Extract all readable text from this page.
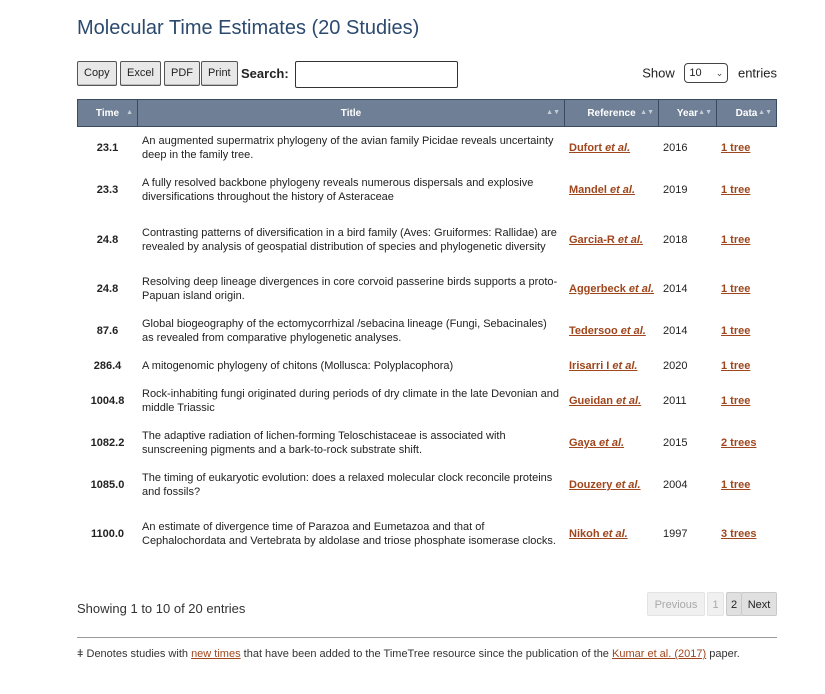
Molecular Time Estimates (20 Studies)
Copy	Excel	PDF	Print Search:	Show 10 ⌄ entries
Time ▲	Title ▲▼	Reference ▲▼	Year ▲▼	Data ▲▼

23.1	An augmented supermatrix phylogeny of the avian family Picidae reveals uncertainty deep in the family tree.	Dufort et al.	2016	1 tree
23.3	A fully resolved backbone phylogeny reveals numerous dispersals and explosive diversifications throughout the history of Asteraceae	Mandel et al.	2019	1 tree
24.8	Contrasting patterns of diversification in a bird family (Aves: Gruiformes: Rallidae) are revealed by analysis of geospatial distribution of species and phylogenetic diversity	Garcia-R et al.	2018	1 tree
24.8	Resolving deep lineage divergences in core corvoid passerine birds supports a proto-Papuan island origin.	Aggerbeck et al.	2014	1 tree
87.6	Global biogeography of the ectomycorrhizal /sebacina lineage (Fungi, Sebacinales) as revealed from comparative phylogenetic analyses.	Tedersoo et al.	2014	1 tree
286.4	A mitogenomic phylogeny of chitons (Mollusca: Polyplacophora)	Irisarri I et al.	2020	1 tree
1004.8	Rock-inhabiting fungi originated during periods of dry climate in the late Devonian and middle Triassic	Gueidan et al.	2011	1 tree
1082.2	The adaptive radiation of lichen-forming Teloschistaceae is associated with sunscreening pigments and a bark-to-rock substrate shift.	Gaya et al.	2015	2 trees
1085.0	The timing of eukaryotic evolution: does a relaxed molecular clock reconcile proteins and fossils?	Douzery et al.	2004	1 tree
1100.0	An estimate of divergence time of Parazoa and Eumetazoa and that of Cephalochordata and Vertebrata by aldolase and triose phosphate isomerase clocks.	Nikoh et al.	1997	3 trees
Showing 1 to 10 of 20 entries	Previous	1	2 Next
ǂ Denotes studies with new times that have been added to the TimeTree resource since the publication of the Kumar et al. (2017) paper.
